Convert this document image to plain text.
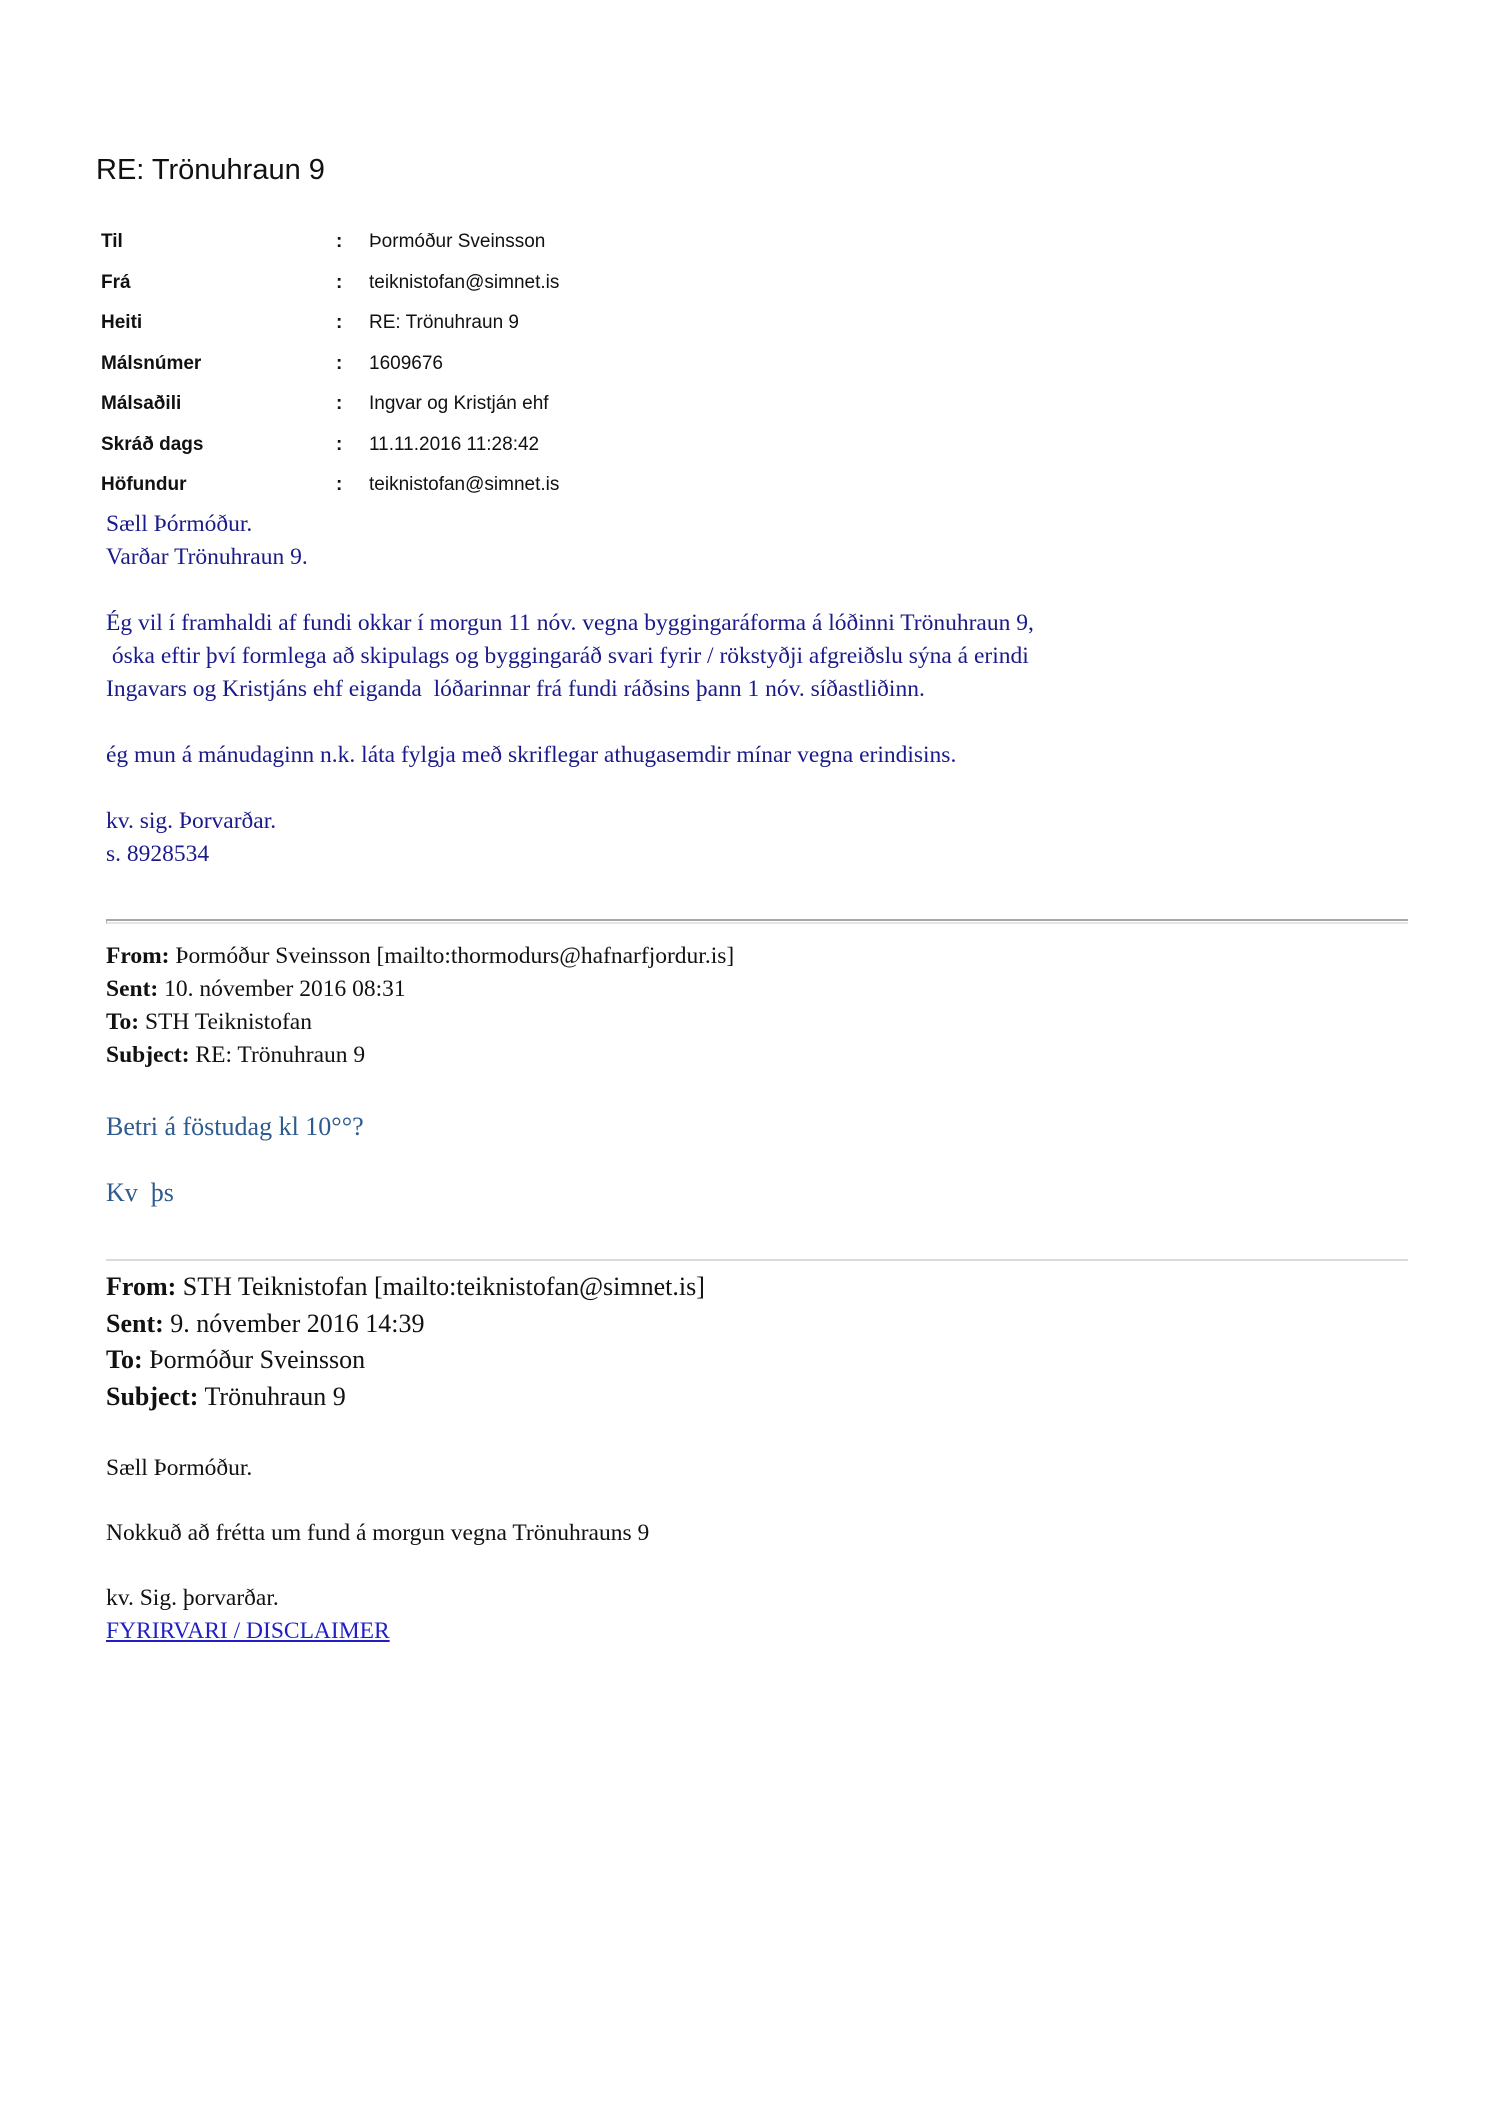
RE: Trönuhraun 9
Til	:	Þormóður Sveinsson
Frá	:	teiknistofan@simnet.is
Heiti	:	RE: Trönuhraun 9
Málsnúmer	:	1609676
Málsaðili	:	Ingvar og Kristján ehf
Skráð dags	:	11.11.2016 11:28:42
Höfundur	:	teiknistofan@simnet.is

Sæll Þórmóður.

Varðar Trönuhraun 9.

Ég vil í framhaldi af fundi okkar í morgun 11 nóv. vegna byggingaráforma á lóðinni Trönuhraun 9,

óska eftir því formlega að skipulags og byggingaráð svari fyrir / rökstyðji afgreiðslu sýna á erindi

Ingavars og Kristjáns ehf eiganda  lóðarinnar frá fundi ráðsins þann 1 nóv. síðastliðinn.

ég mun á mánudaginn n.k. láta fylgja með skriflegar athugasemdir mínar vegna erindisins.

kv. sig. Þorvarðar.

s. 8928534

From: Þormóður Sveinsson [mailto:thormodurs@hafnarfjordur.is]

Sent: 10. nóvember 2016 08:31

To: STH Teiknistofan

Subject: RE: Trönuhraun 9

Betri á föstudag kl 10°°?

Kv  þs

From: STH Teiknistofan [mailto:teiknistofan@simnet.is]

Sent: 9. nóvember 2016 14:39

To: Þormóður Sveinsson

Subject: Trönuhraun 9

Sæll Þormóður.

Nokkuð að frétta um fund á morgun vegna Trönuhrauns 9

kv. Sig. þorvarðar.

FYRIRVARI / DISCLAIMER
